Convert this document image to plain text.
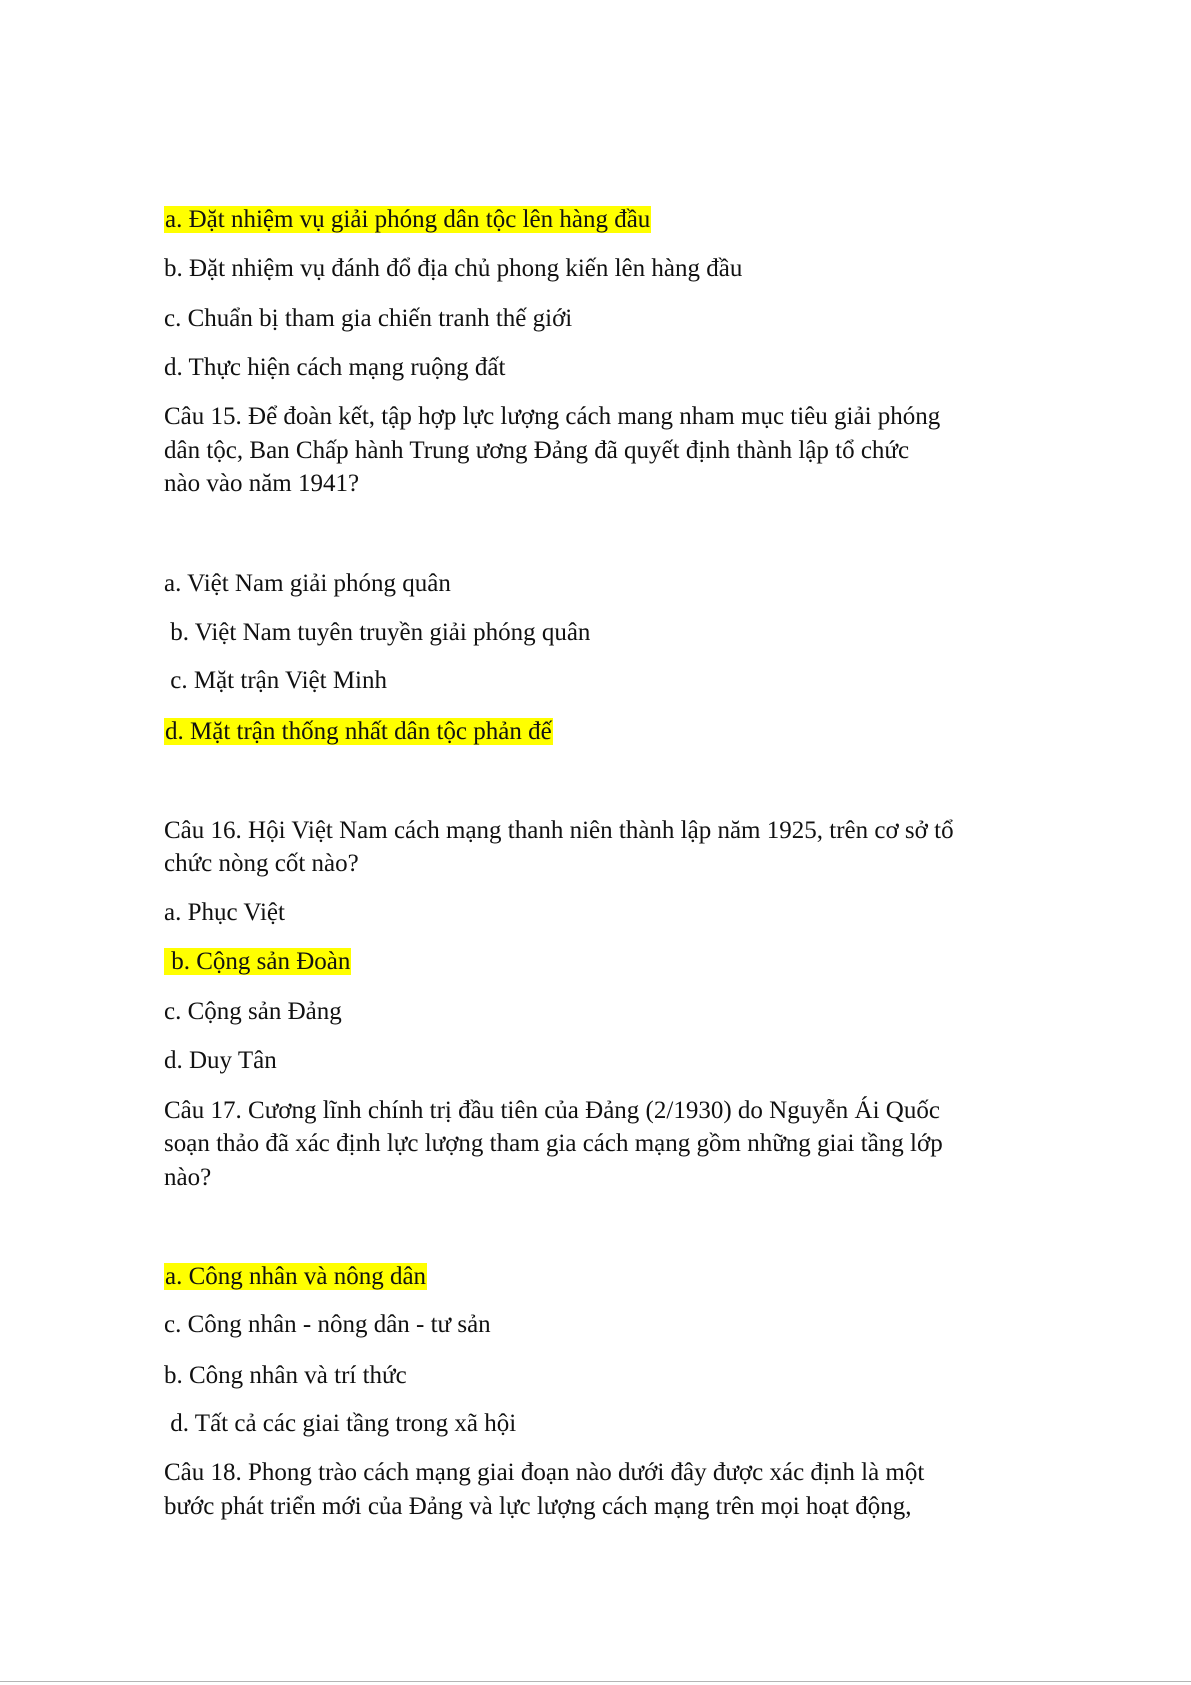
a. Đặt nhiệm vụ giải phóng dân tộc lên hàng đầu

b. Đặt nhiệm vụ đánh đổ địa chủ phong kiến lên hàng đầu

c. Chuẩn bị tham gia chiến tranh thế giới

d. Thực hiện cách mạng ruộng đất

Câu 15. Để đoàn kết, tập hợp lực lượng cách mang nham mục tiêu giải phóng

dân tộc, Ban Chấp hành Trung ương Đảng đã quyết định thành lập tổ chức

nào vào năm 1941?

a. Việt Nam giải phóng quân

b. Việt Nam tuyên truyền giải phóng quân

c. Mặt trận Việt Minh

d. Mặt trận thống nhất dân tộc phản đế

Câu 16. Hội Việt Nam cách mạng thanh niên thành lập năm 1925, trên cơ sở tổ

chức nòng cốt nào?

a. Phục Việt

b. Cộng sản Đoàn

c. Cộng sản Đảng

d. Duy Tân

Câu 17. Cương lĩnh chính trị đầu tiên của Đảng (2/1930) do Nguyễn Ái Quốc

soạn thảo đã xác định lực lượng tham gia cách mạng gồm những giai tầng lớp

nào?

a. Công nhân và nông dân

c. Công nhân - nông dân - tư sản

b. Công nhân và trí thức

d. Tất cả các giai tầng trong xã hội

Câu 18. Phong trào cách mạng giai đoạn nào dưới đây được xác định là một

bước phát triển mới của Đảng và lực lượng cách mạng trên mọi hoạt động,
